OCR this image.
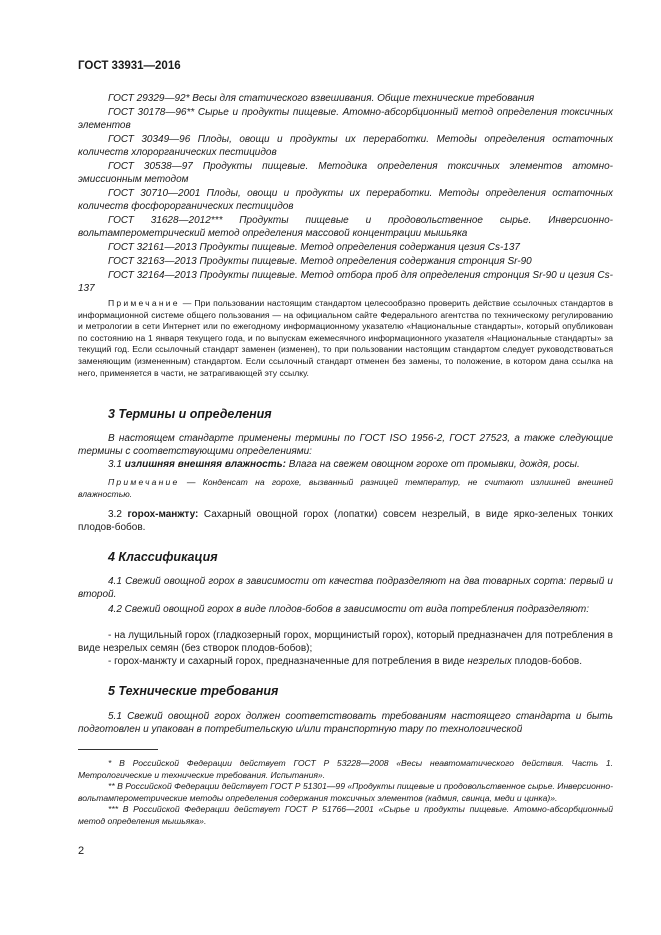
ГОСТ 33931—2016

ГОСТ 29329—92* Весы для статического взвешивания. Общие технические требования

ГОСТ 30178—96** Сырье и продукты пищевые. Атомно-абсорбционный метод определения токсичных элементов

ГОСТ 30349—96 Плоды, овощи и продукты их переработки. Методы определения остаточных количеств хлорорганических пестицидов

ГОСТ 30538—97 Продукты пищевые. Методика определения токсичных элементов атомно-эмиссионным методом

ГОСТ 30710—2001 Плоды, овощи и продукты их переработки. Методы определения остаточных количеств фосфорорганических пестицидов

ГОСТ 31628—2012*** Продукты пищевые и продовольственное сырье. Инверсионно-вольтамперометрический метод определения массовой концентрации мышьяка

ГОСТ 32161—2013 Продукты пищевые. Метод определения содержания цезия Cs-137

ГОСТ 32163—2013 Продукты пищевые. Метод определения содержания стронция Sr-90

ГОСТ 32164—2013 Продукты пищевые. Метод отбора проб для определения стронция Sr-90 и цезия Cs-137

Примечание — При пользовании настоящим стандартом целесообразно проверить действие ссылочных стандартов в информационной системе общего пользования — на официальном сайте Федерального агентства по техническому регулированию и метрологии в сети Интернет или по ежегодному информационному указателю «Национальные стандарты», который опубликован по состоянию на 1 января текущего года, и по выпускам ежемесячного информационного указателя «Национальные стандарты» за текущий год. Если ссылочный стандарт заменен (изменен), то при пользовании настоящим стандартом следует руководствоваться заменяющим (измененным) стандартом. Если ссылочный стандарт отменен без замены, то положение, в котором дана ссылка на него, применяется в части, не затрагивающей эту ссылку.

3 Термины и определения

В настоящем стандарте применены термины по ГОСТ ISO 1956-2, ГОСТ 27523, а также следующие термины с соответствующими определениями:

3.1 излишняя внешняя влажность: Влага на свежем овощном горохе от промывки, дождя, росы.

Примечание — Конденсат на горохе, вызванный разницей температур, не считают излишней внешней влажностью.

3.2 горох-манжту: Сахарный овощной горох (лопатки) совсем незрелый, в виде ярко-зеленых тонких плодов-бобов.

4 Классификация

4.1 Свежий овощной горох в зависимости от качества подразделяют на два товарных сорта: первый и второй.

4.2 Свежий овощной горох в виде плодов-бобов в зависимости от вида потребления подразделяют:

- на лущильный горох (гладкозерный горох, морщинистый горох), который предназначен для потребления в виде незрелых семян (без створок плодов-бобов);

- горох-манжту и сахарный горох, предназначенные для потребления в виде незрелых плодов-бобов.

5 Технические требования

5.1 Свежий овощной горох должен соответствовать требованиям настоящего стандарта и быть подготовлен и упакован в потребительскую и/или транспортную тару по технологической

* В Российской Федерации действует ГОСТ Р 53228—2008 «Весы неавтоматического действия. Часть 1. Метрологические и технические требования. Испытания».

** В Российской Федерации действует ГОСТ Р 51301—99 «Продукты пищевые и продовольственное сырье. Инверсионно-вольтамперометрические методы определения содержания токсичных элементов (кадмия, свинца, меди и цинка)».

*** В Российской Федерации действует ГОСТ Р 51766—2001 «Сырье и продукты пищевые. Атомно-абсорбционный метод определения мышьяка».

2
